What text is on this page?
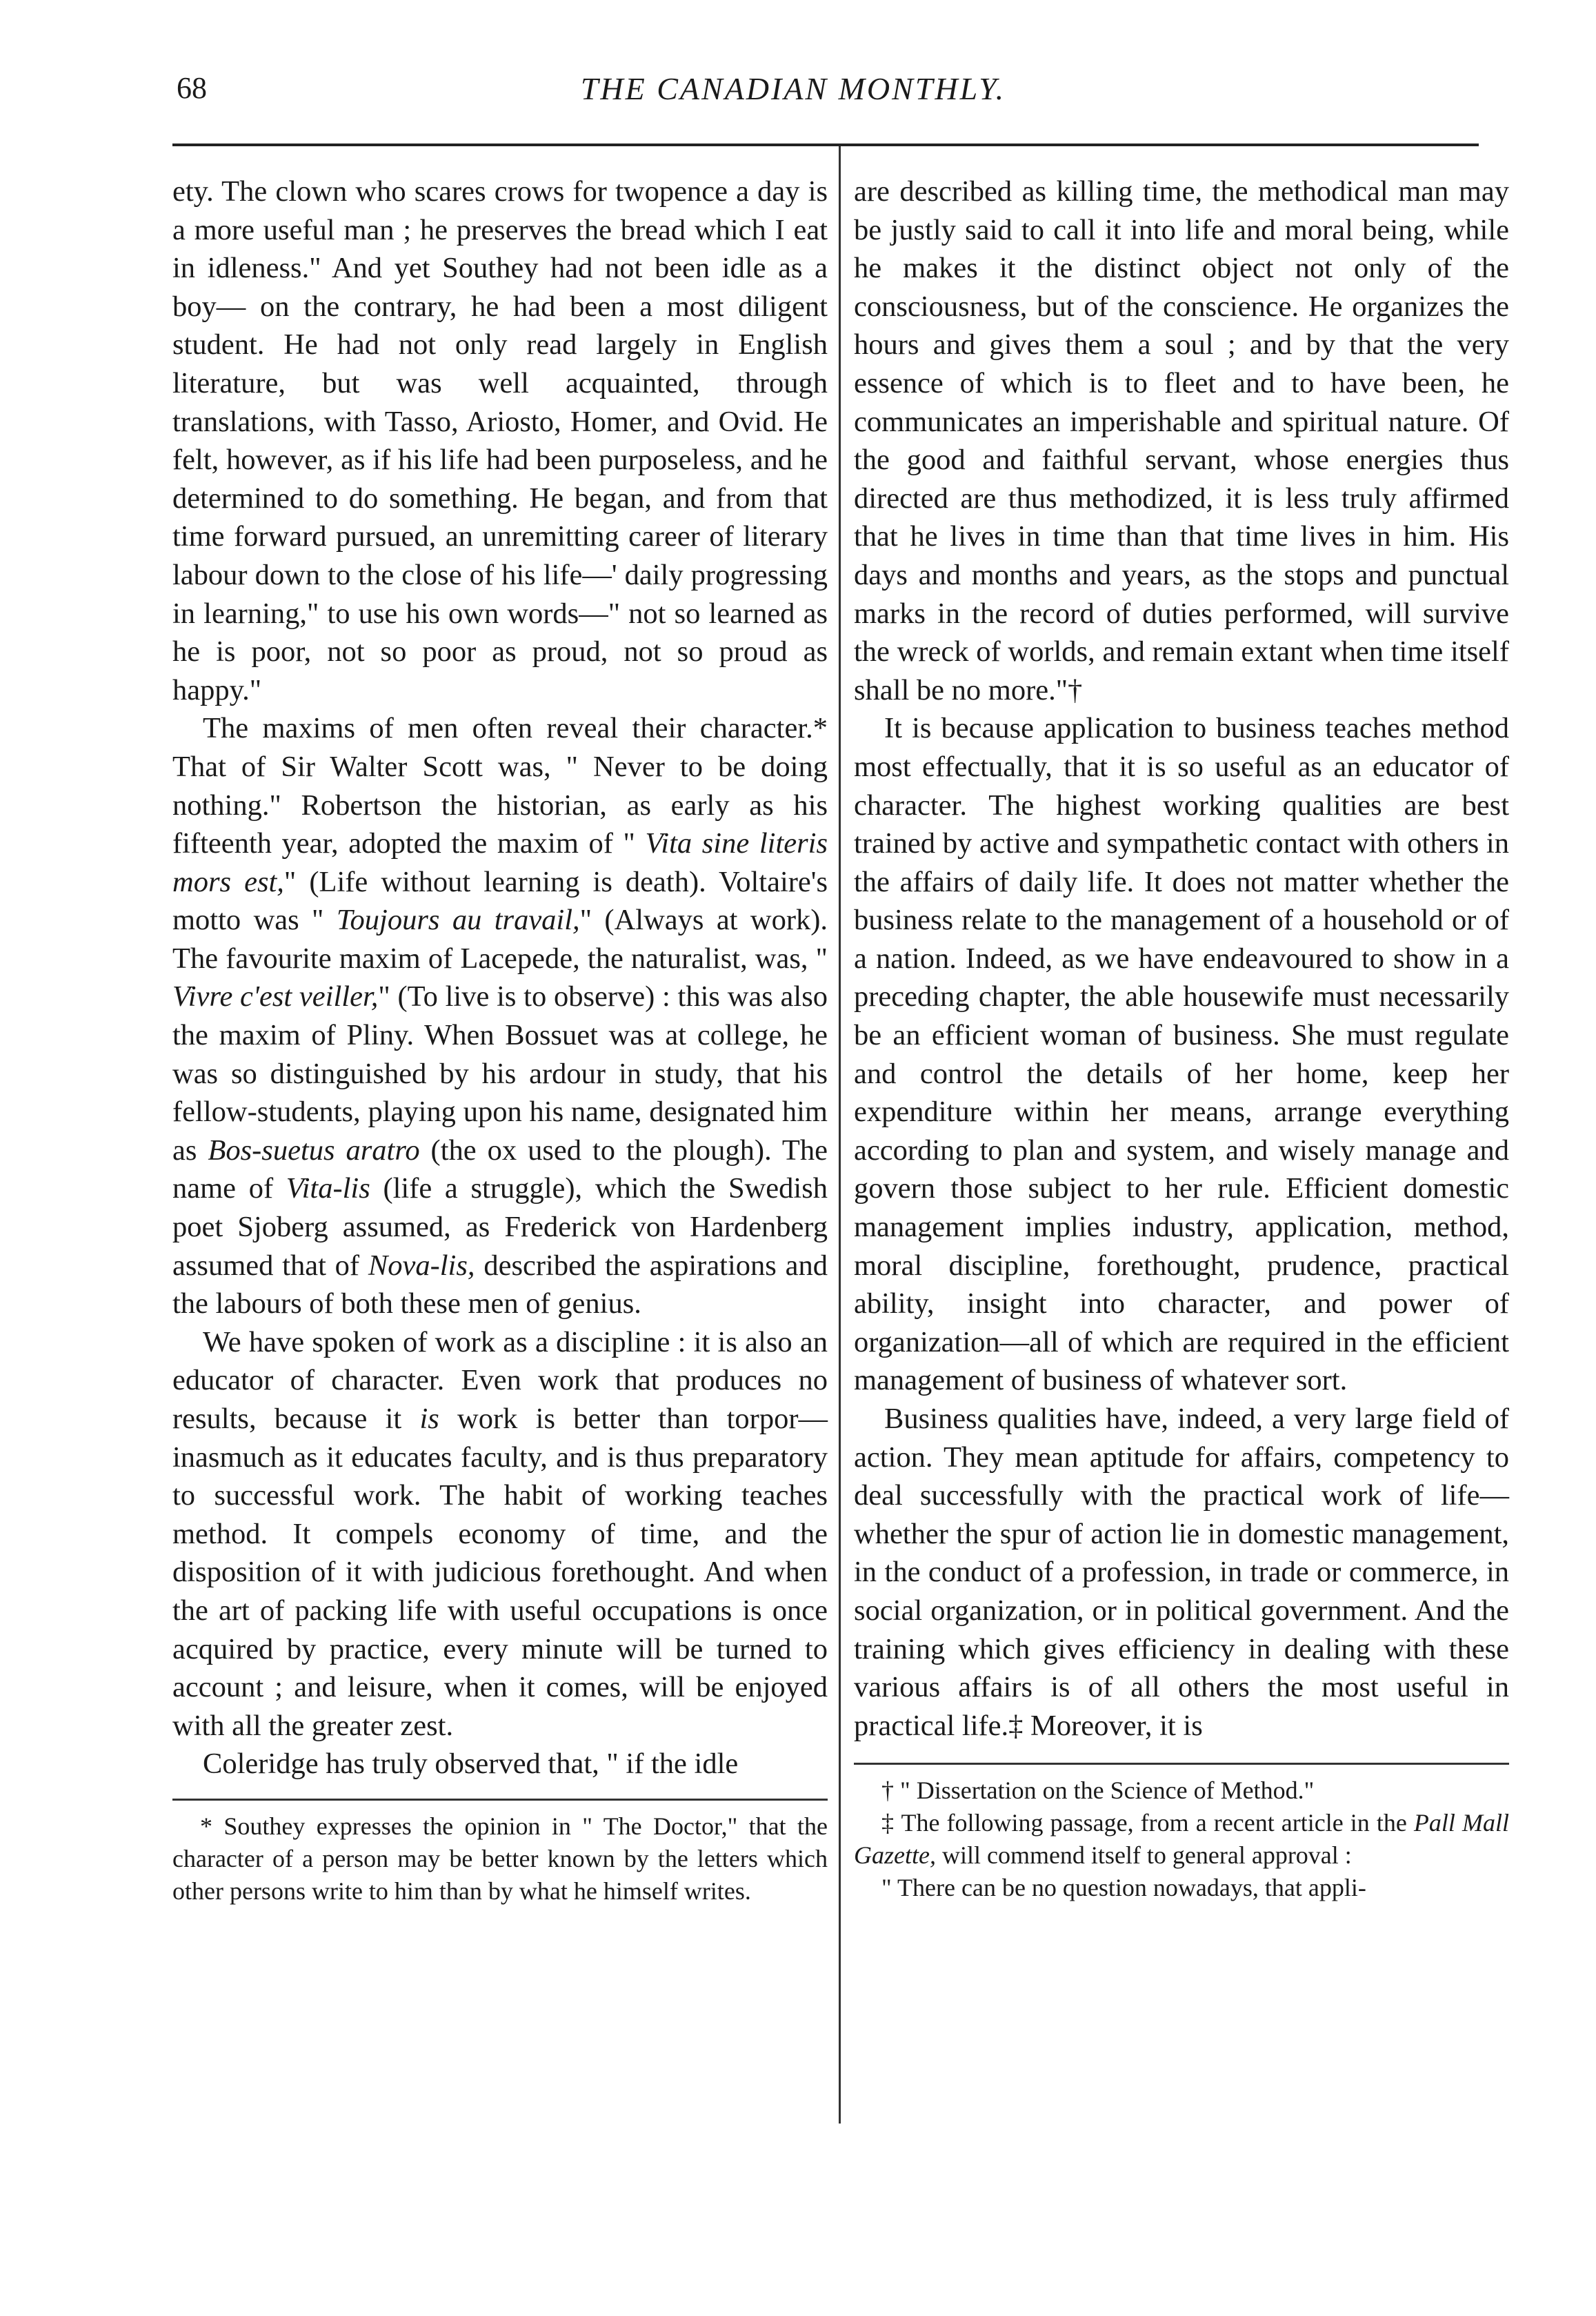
68	THE CANADIAN MONTHLY.

ety. The clown who scares crows for twopence a day is a more useful man ; he preserves the bread which I eat in idleness." And yet Southey had not been idle as a boy— on the contrary, he had been a most diligent student. He had not only read largely in English literature, but was well acquainted, through translations, with Tasso, Ariosto, Homer, and Ovid. He felt, however, as if his life had been purposeless, and he determined to do something. He began, and from that time forward pursued, an unremitting career of literary labour down to the close of his life—' daily progressing in learning," to use his own words—" not so learned as he is poor, not so poor as proud, not so proud as happy."

The maxims of men often reveal their character.* That of Sir Walter Scott was, " Never to be doing nothing." Robertson the historian, as early as his fifteenth year, adopted the maxim of " Vita sine literis mors est," (Life without learning is death). Voltaire's motto was " Toujours au travail," (Always at work). The favourite maxim of Lacepede, the naturalist, was, " Vivre c'est veiller," (To live is to observe) : this was also the maxim of Pliny. When Bossuet was at college, he was so distinguished by his ardour in study, that his fellow-students, playing upon his name, designated him as Bos-suetus aratro (the ox used to the plough). The name of Vita-lis (life a struggle), which the Swedish poet Sjoberg assumed, as Frederick von Hardenberg assumed that of Nova-lis, described the aspirations and the labours of both these men of genius.

We have spoken of work as a discipline : it is also an educator of character. Even work that produces no results, because it is work is better than torpor—inasmuch as it educates faculty, and is thus preparatory to successful work. The habit of working teaches method. It compels economy of time, and the disposition of it with judicious forethought. And when the art of packing life with useful occupations is once acquired by practice, every minute will be turned to account ; and leisure, when it comes, will be enjoyed with all the greater zest.

Coleridge has truly observed that, " if the idle

* Southey expresses the opinion in " The Doctor," that the character of a person may be better known by the letters which other persons write to him than by what he himself writes.

are described as killing time, the methodical man may be justly said to call it into life and moral being, while he makes it the distinct object not only of the consciousness, but of the conscience. He organizes the hours and gives them a soul ; and by that the very essence of which is to fleet and to have been, he communicates an imperishable and spiritual nature. Of the good and faithful servant, whose energies thus directed are thus methodized, it is less truly affirmed that he lives in time than that time lives in him. His days and months and years, as the stops and punctual marks in the record of duties performed, will survive the wreck of worlds, and remain extant when time itself shall be no more."†

It is because application to business teaches method most effectually, that it is so useful as an educator of character. The highest working qualities are best trained by active and sympathetic contact with others in the affairs of daily life. It does not matter whether the business relate to the management of a household or of a nation. Indeed, as we have endeavoured to show in a preceding chapter, the able housewife must necessarily be an efficient woman of business. She must regulate and control the details of her home, keep her expenditure within her means, arrange everything according to plan and system, and wisely manage and govern those subject to her rule. Efficient domestic management implies industry, application, method, moral discipline, forethought, prudence, practical ability, insight into character, and power of organization—all of which are required in the efficient management of business of whatever sort.

Business qualities have, indeed, a very large field of action. They mean aptitude for affairs, competency to deal successfully with the practical work of life—whether the spur of action lie in domestic management, in the conduct of a profession, in trade or commerce, in social organization, or in political government. And the training which gives efficiency in dealing with these various affairs is of all others the most useful in practical life.‡ Moreover, it is

† " Dissertation on the Science of Method."

‡ The following passage, from a recent article in the Pall Mall Gazette, will commend itself to general approval :

" There can be no question nowadays, that appli-
